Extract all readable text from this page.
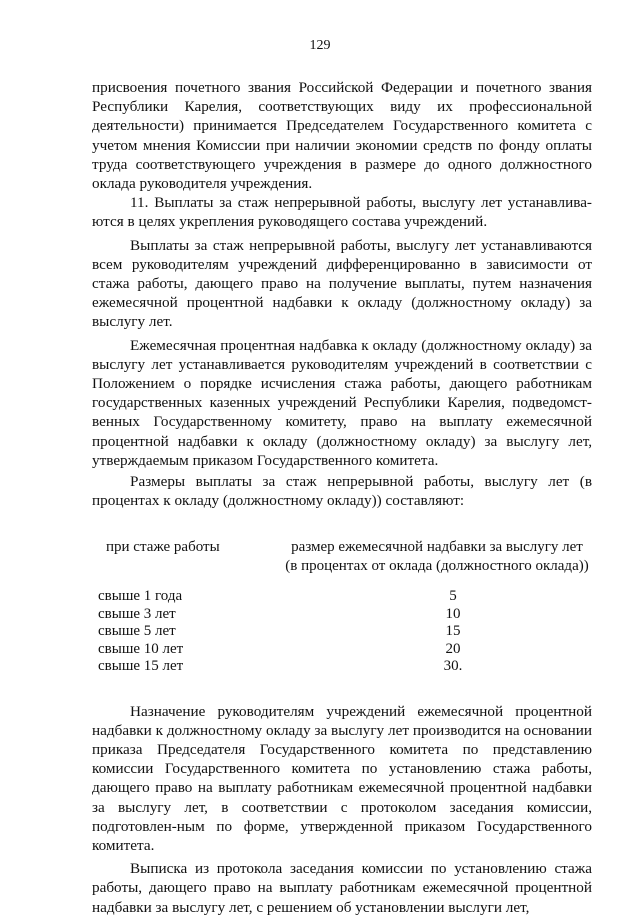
129

присвоения почетного звания Российской Федерации и почетного звания Республики Карелия, соответствующих виду их профессиональной деятельности) принимается Председателем Государственного комитета с учетом мнения Комиссии при наличии экономии средств по фонду оплаты труда соответствующего учреждения в размере до одного должностного оклада руководителя учреждения.

11. Выплаты за стаж непрерывной работы, выслугу лет устанавлива-ются в целях укрепления руководящего состава учреждений.

Выплаты за стаж непрерывной работы, выслугу лет устанавливаются всем руководителям учреждений дифференцированно в зависимости от стажа работы, дающего право на получение выплаты, путем назначения ежемесячной процентной надбавки к окладу (должностному окладу) за выслугу лет.

Ежемесячная процентная надбавка к окладу (должностному окладу) за выслугу лет устанавливается руководителям учреждений в соответствии с Положением о порядке исчисления стажа работы, дающего работникам государственных казенных учреждений Республики Карелия, подведомст-венных Государственному комитету, право на выплату ежемесячной процентной надбавки к окладу (должностному окладу) за выслугу лет, утверждаемым приказом Государственного комитета.

Размеры выплаты за стаж непрерывной работы, выслугу лет (в процентах к окладу (должностному окладу)) составляют:

при стаже работы	размер ежемесячной надбавки за выслугу лет
(в процентах от оклада (должностного оклада))
свыше 1 года	5
свыше 3 лет	10
свыше 5 лет	15
свыше 10 лет	20
свыше 15 лет	30.

Назначение руководителям учреждений ежемесячной процентной надбавки к должностному окладу за выслугу лет производится на основании приказа Председателя Государственного комитета по представлению комиссии Государственного комитета по установлению стажа работы, дающего право на выплату работникам ежемесячной процентной надбавки за выслугу лет, в соответствии с протоколом заседания комиссии, подготовлен-ным по форме, утвержденной приказом Государственного комитета.

Выписка из протокола заседания комиссии по установлению стажа работы, дающего право на выплату работникам ежемесячной процентной надбавки за выслугу лет, с решением об установлении выслуги лет,
